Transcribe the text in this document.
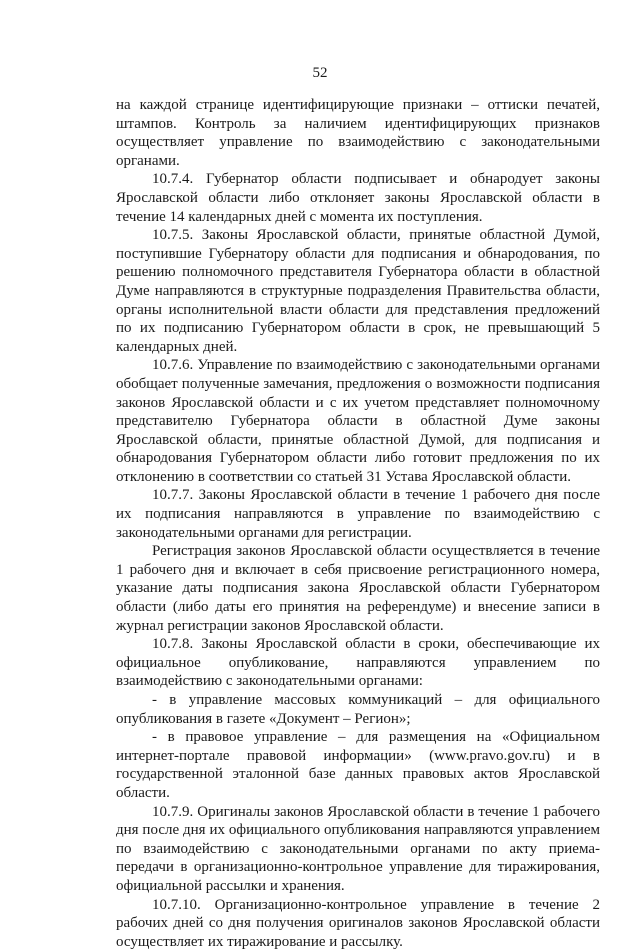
52

на каждой странице идентифицирующие признаки – оттиски печатей, штампов. Контроль за наличием идентифицирующих признаков осуществляет управление по взаимодействию с законодательными органами.

10.7.4. Губернатор области подписывает и обнародует законы Ярославской области либо отклоняет законы Ярославской области в течение 14 календарных дней с момента их поступления.

10.7.5. Законы Ярославской области, принятые областной Думой, поступившие Губернатору области для подписания и обнародования, по решению полномочного представителя Губернатора области в областной Думе направляются в структурные подразделения Правительства области, органы исполнительной власти области для представления предложений по их подписанию Губернатором области в срок, не превышающий 5 календарных дней.

10.7.6. Управление по взаимодействию с законодательными органами обобщает полученные замечания, предложения о возможности подписания законов Ярославской области и с их учетом представляет полномочному представителю Губернатора области в областной Думе законы Ярославской области, принятые областной Думой, для подписания и обнародования Губернатором области либо готовит предложения по их отклонению в соответствии со статьей 31 Устава Ярославской области.

10.7.7. Законы Ярославской области в течение 1 рабочего дня после их подписания направляются в управление по взаимодействию с законодательными органами для регистрации.

Регистрация законов Ярославской области осуществляется в течение 1 рабочего дня и включает в себя присвоение регистрационного номера, указание даты подписания закона Ярославской области Губернатором области (либо даты его принятия на референдуме) и внесение записи в журнал регистрации законов Ярославской области.

10.7.8. Законы Ярославской области в сроки, обеспечивающие их официальное опубликование, направляются управлением по взаимодействию с законодательными органами:

- в управление массовых коммуникаций – для официального опубликования в газете «Документ – Регион»;

- в правовое управление – для размещения на «Официальном интернет-портале правовой информации» (www.pravo.gov.ru) и в государственной эталонной базе данных правовых актов Ярославской области.

10.7.9. Оригиналы законов Ярославской области в течение 1 рабочего дня после дня их официального опубликования направляются управлением по взаимодействию с законодательными органами по акту приема-передачи в организационно-контрольное управление для тиражирования, официальной рассылки и хранения.

10.7.10. Организационно-контрольное управление в течение 2 рабочих дней со дня получения оригиналов законов Ярославской области осуществляет их тиражирование и рассылку.
